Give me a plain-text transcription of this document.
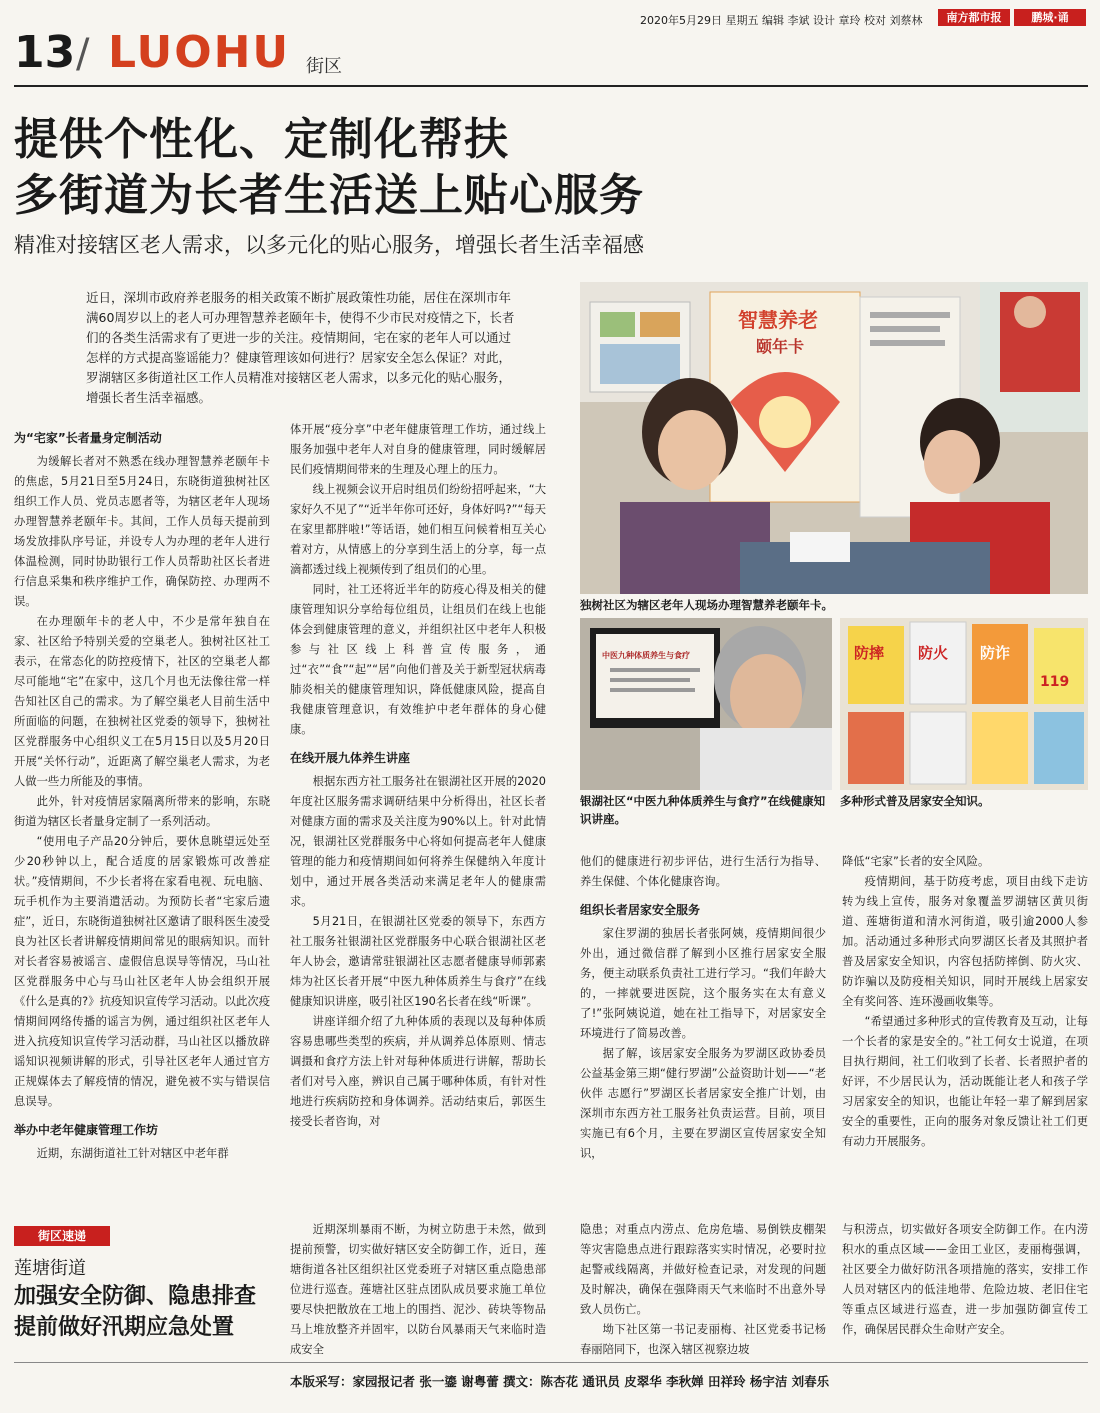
2020年5月29日 星期五 编辑 李斌 设计 章玲 校对 刘蔡林	南方都市报	鹏城·诵
13 / LUOHU 街区
提供个性化、定制化帮扶
多街道为长者生活送上贴心服务
精准对接辖区老人需求，以多元化的贴心服务，增强长者生活幸福感
近日，深圳市政府养老服务的相关政策不断扩展政策性功能，居住在深圳市年满60周岁以上的老人可办理智慧养老颐年卡，使得不少市民对疫情之下，长者们的各类生活需求有了更进一步的关注。疫情期间，宅在家的老年人可以通过怎样的方式提高鉴谣能力？健康管理该如何进行？居家安全怎么保证？对此，罗湖辖区多街道社区工作人员精准对接辖区老人需求，以多元化的贴心服务，增强长者生活幸福感。
智慧养老
颐年卡
独树社区为辖区老年人现场办理智慧养老颐年卡。
中医九种体质养生与食疗
银湖社区“中医九种体质养生与食疗”在线健康知识讲座。
防摔 防火 防诈
119
多种形式普及居家安全知识。
为“宅家”长者量身定制活动

为缓解长者对不熟悉在线办理智慧养老颐年卡的焦虑，5月21日至5月24日，东晓街道独树社区组织工作人员、党员志愿者等，为辖区老年人现场办理智慧养老颐年卡。其间，工作人员每天提前到场发放排队序号证，并设专人为办理的老年人进行体温检测，同时协助银行工作人员帮助社区长者进行信息采集和秩序维护工作，确保防控、办理两不误。

在办理颐年卡的老人中，不少是常年独自在家、社区给予特别关爱的空巢老人。独树社区社工表示，在常态化的防控疫情下，社区的空巢老人都尽可能地“宅”在家中，这几个月也无法像往常一样告知社区自己的需求。为了解空巢老人目前生活中所面临的问题，在独树社区党委的领导下，独树社区党群服务中心组织义工在5月15日以及5月20日开展“关怀行动”，近距离了解空巢老人需求，为老人做一些力所能及的事情。

此外，针对疫情居家隔离所带来的影响，东晓街道为辖区长者量身定制了一系列活动。

“使用电子产品20分钟后，要休息眺望远处至少20秒钟以上，配合适度的居家锻炼可改善症状。”疫情期间，不少长者将在家看电视、玩电脑、玩手机作为主要消遣活动。为预防长者“宅家后遗症”，近日，东晓街道独树社区邀请了眼科医生凌受良为社区长者讲解疫情期间常见的眼病知识。而针对长者容易被谣言、虚假信息误导等情况，马山社区党群服务中心与马山社区老年人协会组织开展《什么是真的?》抗疫知识宣传学习活动。以此次疫情期间网络传播的谣言为例，通过组织社区老年人进入抗疫知识宣传学习活动群，马山社区以播放辟谣知识视频讲解的形式，引导社区老年人通过官方正规媒体去了解疫情的情况，避免被不实与错误信息误导。

举办中老年健康管理工作坊

近期，东湖街道社工针对辖区中老年群

体开展“疫分享”中老年健康管理工作坊，通过线上服务加强中老年人对自身的健康管理，同时缓解居民们疫情期间带来的生理及心理上的压力。

线上视频会议开启时组员们纷纷招呼起来，“大家好久不见了”“近半年你可还好，身体好吗?”“每天在家里都胖啦!”等话语，她们相互问候着相互关心着对方，从情感上的分享到生活上的分享，每一点滴都透过线上视频传到了组员们的心里。

同时，社工还将近半年的防疫心得及相关的健康管理知识分享给每位组员，让组员们在线上也能体会到健康管理的意义，并组织社区中老年人积极参与社区线上科普宣传服务，通过“衣”“食”“起”“居”向他们普及关于新型冠状病毒肺炎相关的健康管理知识，降低健康风险，提高自我健康管理意识，有效维护中老年群体的身心健康。

在线开展九体养生讲座

根据东西方社工服务社在银湖社区开展的2020年度社区服务需求调研结果中分析得出，社区长者对健康方面的需求及关注度为90%以上。针对此情况，银湖社区党群服务中心将如何提高老年人健康管理的能力和疫情期间如何将养生保健纳入年度计划中，通过开展各类活动来满足老年人的健康需求。

5月21日，在银湖社区党委的领导下，东西方社工服务社银湖社区党群服务中心联合银湖社区老年人协会，邀请常驻银湖社区志愿者健康导师郭素炜为社区长者开展“中医九种体质养生与食疗”在线健康知识讲座，吸引社区190名长者在线“听课”。

讲座详细介绍了九种体质的表现以及每种体质容易患哪些类型的疾病，并从调养总体原则、情志调摄和食疗方法上针对每种体质进行讲解，帮助长者们对号入座，辨识自己属于哪种体质，有针对性地进行疾病防控和身体调养。活动结束后，郭医生接受长者咨询，对

他们的健康进行初步评估，进行生活行为指导、养生保健、个体化健康咨询。

组织长者居家安全服务

家住罗湖的独居长者张阿姨，疫情期间很少外出，通过微信群了解到小区推行居家安全服务，便主动联系负责社工进行学习。“我们年龄大的，一摔就要进医院，这个服务实在太有意义了!”张阿姨说道，她在社工指导下，对居家安全环境进行了简易改善。

据了解，该居家安全服务为罗湖区政协委员公益基金第三期“健行罗湖”公益资助计划——“老伙伴 志愿行”罗湖区长者居家安全推广计划，由深圳市东西方社工服务社负责运营。目前，项目实施已有6个月，主要在罗湖区宣传居家安全知识，

降低“宅家”长者的安全风险。

疫情期间，基于防疫考虑，项目由线下走访转为线上宣传，服务对象覆盖罗湖辖区黄贝街道、莲塘街道和清水河街道，吸引逾2000人参加。活动通过多种形式向罗湖区长者及其照护者普及居家安全知识，内容包括防摔倒、防火灾、防诈骗以及防疫相关知识，同时开展线上居家安全有奖问答、连环漫画收集等。

“希望通过多种形式的宣传教育及互动，让每一个长者的家是安全的。”社工何女士说道，在项目执行期间，社工们收到了长者、长者照护者的好评，不少居民认为，活动既能让老人和孩子学习居家安全的知识，也能让年轻一辈了解到居家安全的重要性，正向的服务对象反馈让社工们更有动力开展服务。

街区速递
莲塘街道
加强安全防御、隐患排查
提前做好汛期应急处置

近期深圳暴雨不断，为树立防患于未然，做到提前预警，切实做好辖区安全防御工作，近日，莲塘街道各社区组织社区党委班子对辖区重点隐患部位进行巡查。莲塘社区驻点团队成员要求施工单位要尽快把散放在工地上的围挡、泥沙、砖块等物品马上堆放整齐并固牢，以防台风暴雨天气来临时造成安全

隐患；对重点内涝点、危房危墙、易倒铁皮棚架等灾害隐患点进行跟踪落实实时情况，必要时拉起警戒线隔离，并做好检查记录，对发现的问题及时解决，确保在强降雨天气来临时不出意外导致人员伤亡。

坳下社区第一书记麦丽梅、社区党委书记杨春丽陪同下，也深入辖区视察边坡

与积涝点，切实做好各项安全防御工作。在内涝积水的重点区域——金田工业区，麦丽梅强调，社区要全力做好防汛各项措施的落实，安排工作人员对辖区内的低洼地带、危险边坡、老旧住宅等重点区域进行巡查，进一步加强防御宣传工作，确保居民群众生命财产安全。

本版采写：家园报记者 张一鎏 谢粤蕾 撰文：陈杏花 通讯员 皮翠华 李秋婵 田祥玲 杨宇洁 刘春乐
